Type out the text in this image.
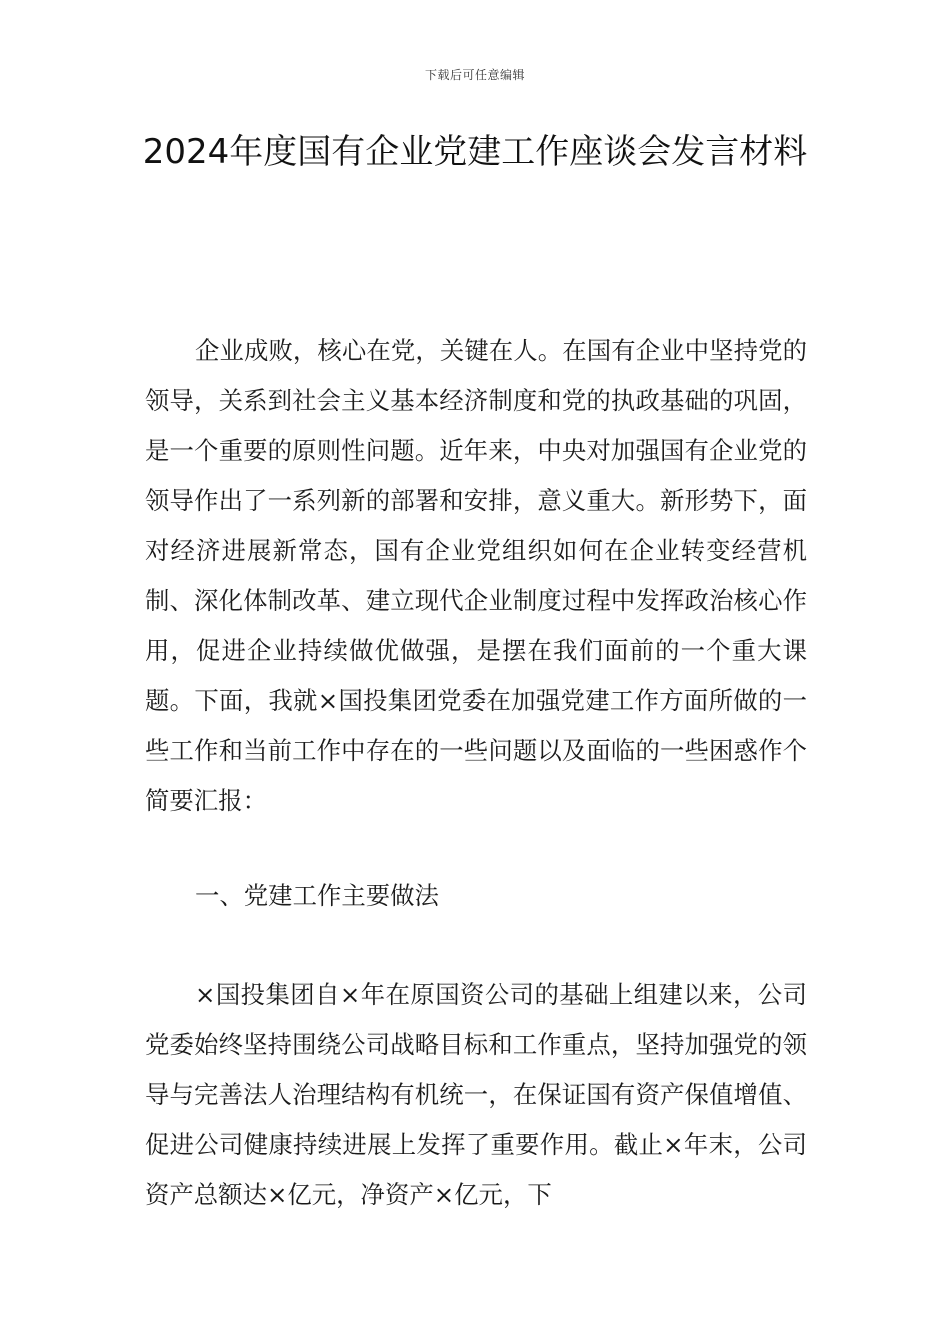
下载后可任意编辑
2024年度国有企业党建工作座谈会发言材料

企业成败，核心在党，关键在人。在国有企业中坚持党的领导，关系到社会主义基本经济制度和党的执政基础的巩固，是一个重要的原则性问题。近年来，中央对加强国有企业党的领导作出了一系列新的部署和安排，意义重大。新形势下，面对经济进展新常态，国有企业党组织如何在企业转变经营机制、深化体制改革、建立现代企业制度过程中发挥政治核心作用，促进企业持续做优做强，是摆在我们面前的一个重大课题。下面，我就×国投集团党委在加强党建工作方面所做的一些工作和当前工作中存在的一些问题以及面临的一些困惑作个简要汇报：

一、党建工作主要做法

×国投集团自×年在原国资公司的基础上组建以来，公司党委始终坚持围绕公司战略目标和工作重点，坚持加强党的领导与完善法人治理结构有机统一，在保证国有资产保值增值、促进公司健康持续进展上发挥了重要作用。截止×年末，公司资产总额达×亿元，净资产×亿元，下
